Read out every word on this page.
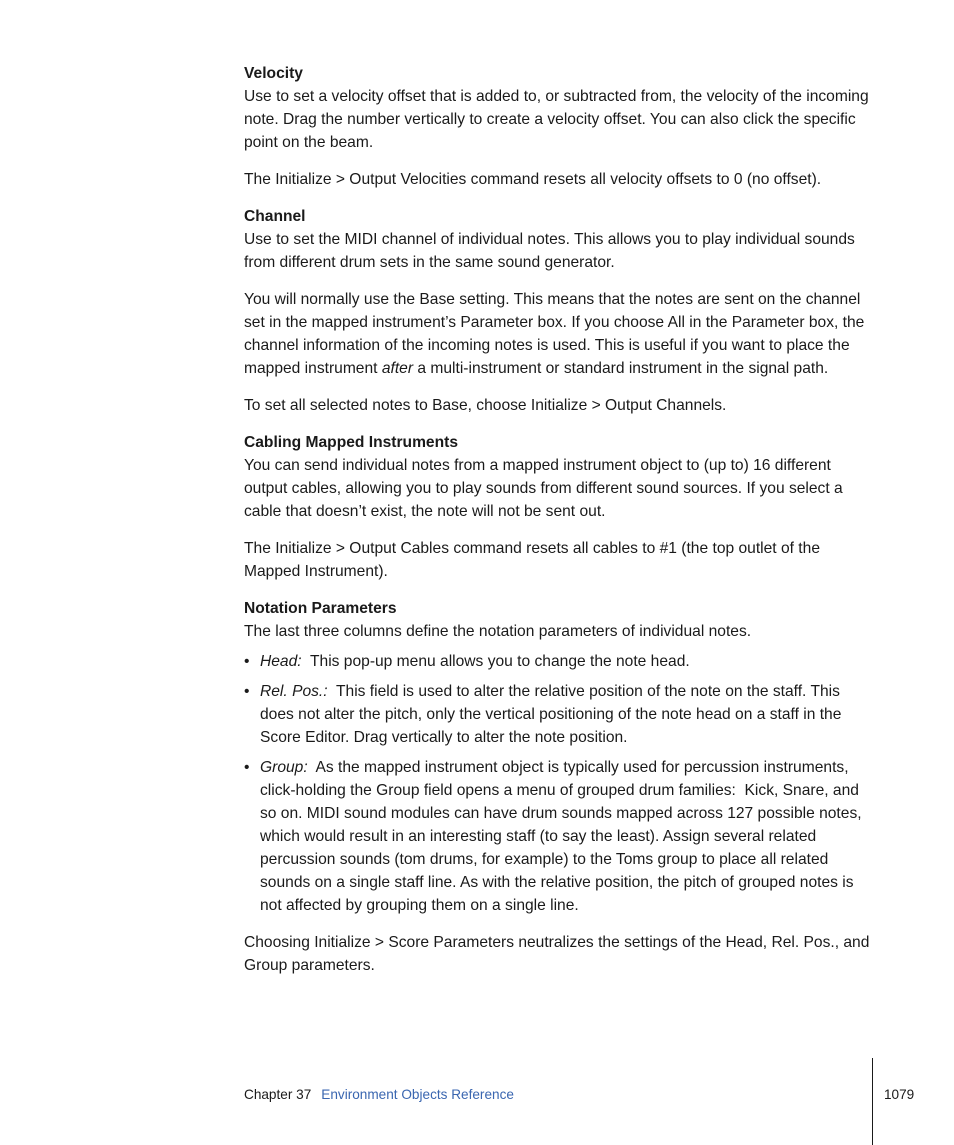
Velocity

Use to set a velocity offset that is added to, or subtracted from, the velocity of the incoming note. Drag the number vertically to create a velocity offset. You can also click the specific point on the beam.

The Initialize > Output Velocities command resets all velocity offsets to 0 (no offset).

Channel

Use to set the MIDI channel of individual notes. This allows you to play individual sounds from different drum sets in the same sound generator.

You will normally use the Base setting. This means that the notes are sent on the channel set in the mapped instrument’s Parameter box. If you choose All in the Parameter box, the channel information of the incoming notes is used. This is useful if you want to place the mapped instrument after a multi-instrument or standard instrument in the signal path.

To set all selected notes to Base, choose Initialize > Output Channels.

Cabling Mapped Instruments

You can send individual notes from a mapped instrument object to (up to) 16 different output cables, allowing you to play sounds from different sound sources. If you select a cable that doesn’t exist, the note will not be sent out.

The Initialize > Output Cables command resets all cables to #1 (the top outlet of the Mapped Instrument).

Notation Parameters

The last three columns define the notation parameters of individual notes.

• Head:  This pop-up menu allows you to change the note head.
• Rel. Pos.:  This field is used to alter the relative position of the note on the staff. This does not alter the pitch, only the vertical positioning of the note head on a staff in the Score Editor. Drag vertically to alter the note position.
• Group:  As the mapped instrument object is typically used for percussion instruments, click-holding the Group field opens a menu of grouped drum families:  Kick, Snare, and so on. MIDI sound modules can have drum sounds mapped across 127 possible notes, which would result in an interesting staff (to say the least). Assign several related percussion sounds (tom drums, for example) to the Toms group to place all related sounds on a single staff line. As with the relative position, the pitch of grouped notes is not affected by grouping them on a single line.

Choosing Initialize > Score Parameters neutralizes the settings of the Head, Rel. Pos., and Group parameters.

Chapter 37 Environment Objects Reference	1079
